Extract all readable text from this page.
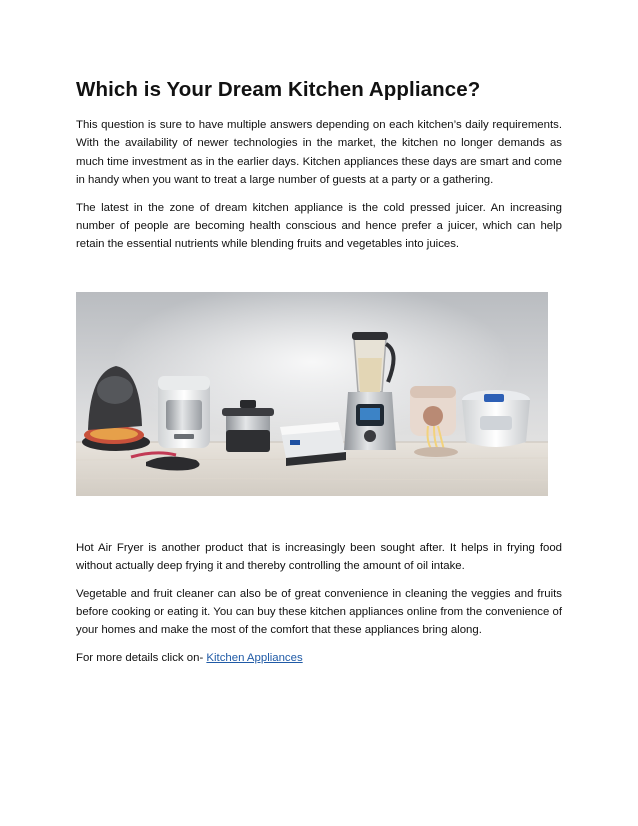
Which is Your Dream Kitchen Appliance?

This question is sure to have multiple answers depending on each kitchen’s daily requirements. With the availability of newer technologies in the market, the kitchen no longer demands as much time investment as in the earlier days. Kitchen appliances these days are smart and come in handy when you want to treat a large number of guests at a party or a gathering.

The latest in the zone of dream kitchen appliance is the cold pressed juicer. An increasing number of people are becoming health conscious and hence prefer a juicer, which can help retain the essential nutrients while blending fruits and vegetables into juices.

Hot Air Fryer is another product that is increasingly been sought after. It helps in frying food without actually deep frying it and thereby controlling the amount of oil intake.

Vegetable and fruit cleaner can also be of great convenience in cleaning the veggies and fruits before cooking or eating it. You can buy these kitchen appliances online from the convenience of your homes and make the most of the comfort that these appliances bring along.

For more details click on- Kitchen Appliances
